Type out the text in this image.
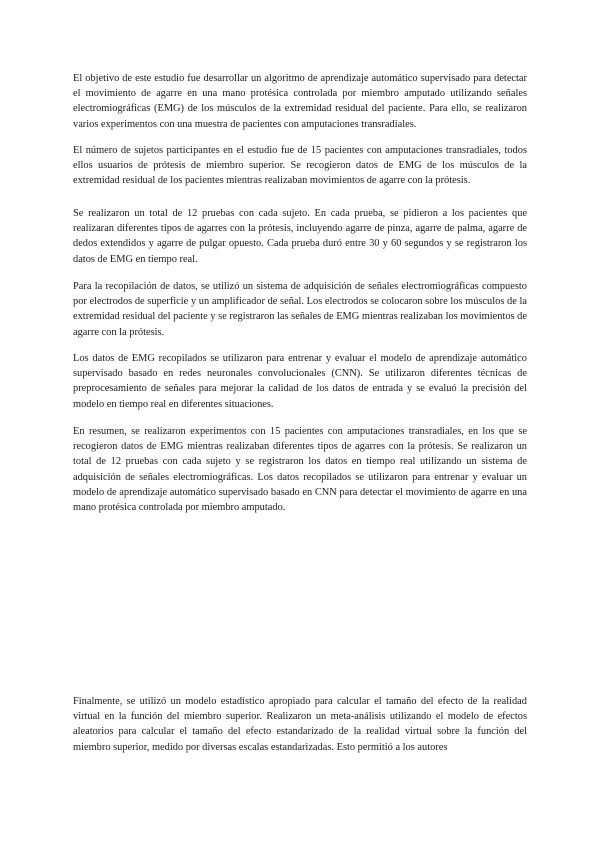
El objetivo de este estudio fue desarrollar un algoritmo de aprendizaje automático supervisado para detectar el movimiento de agarre en una mano protésica controlada por miembro amputado utilizando señales electromiográficas (EMG) de los músculos de la extremidad residual del paciente. Para ello, se realizaron varios experimentos con una muestra de pacientes con amputaciones transradiales.

El número de sujetos participantes en el estudio fue de 15 pacientes con amputaciones transradiales, todos ellos usuarios de prótesis de miembro superior. Se recogieron datos de EMG de los músculos de la extremidad residual de los pacientes mientras realizaban movimientos de agarre con la prótesis.

Se realizaron un total de 12 pruebas con cada sujeto. En cada prueba, se pidieron a los pacientes que realizaran diferentes tipos de agarres con la prótesis, incluyendo agarre de pinza, agarre de palma, agarre de dedos extendidos y agarre de pulgar opuesto. Cada prueba duró entre 30 y 60 segundos y se registraron los datos de EMG en tiempo real.

Para la recopilación de datos, se utilizó un sistema de adquisición de señales electromiográficas compuesto por electrodos de superficie y un amplificador de señal. Los electrodos se colocaron sobre los músculos de la extremidad residual del paciente y se registraron las señales de EMG mientras realizaban los movimientos de agarre con la prótesis.

Los datos de EMG recopilados se utilizaron para entrenar y evaluar el modelo de aprendizaje automático supervisado basado en redes neuronales convolucionales (CNN). Se utilizaron diferentes técnicas de preprocesamiento de señales para mejorar la calidad de los datos de entrada y se evaluó la precisión del modelo en tiempo real en diferentes situaciones.

En resumen, se realizaron experimentos con 15 pacientes con amputaciones transradiales, en los que se recogieron datos de EMG mientras realizaban diferentes tipos de agarres con la prótesis. Se realizaron un total de 12 pruebas con cada sujeto y se registraron los datos en tiempo real utilizando un sistema de adquisición de señales electromiográficas. Los datos recopilados se utilizaron para entrenar y evaluar un modelo de aprendizaje automático supervisado basado en CNN para detectar el movimiento de agarre en una mano protésica controlada por miembro amputado.

Finalmente, se utilizó un modelo estadístico apropiado para calcular el tamaño del efecto de la realidad virtual en la función del miembro superior. Realizaron un meta-análisis utilizando el modelo de efectos aleatorios para calcular el tamaño del efecto estandarizado de la realidad virtual sobre la función del miembro superior, medido por diversas escalas estandarizadas. Esto permitió a los autores
